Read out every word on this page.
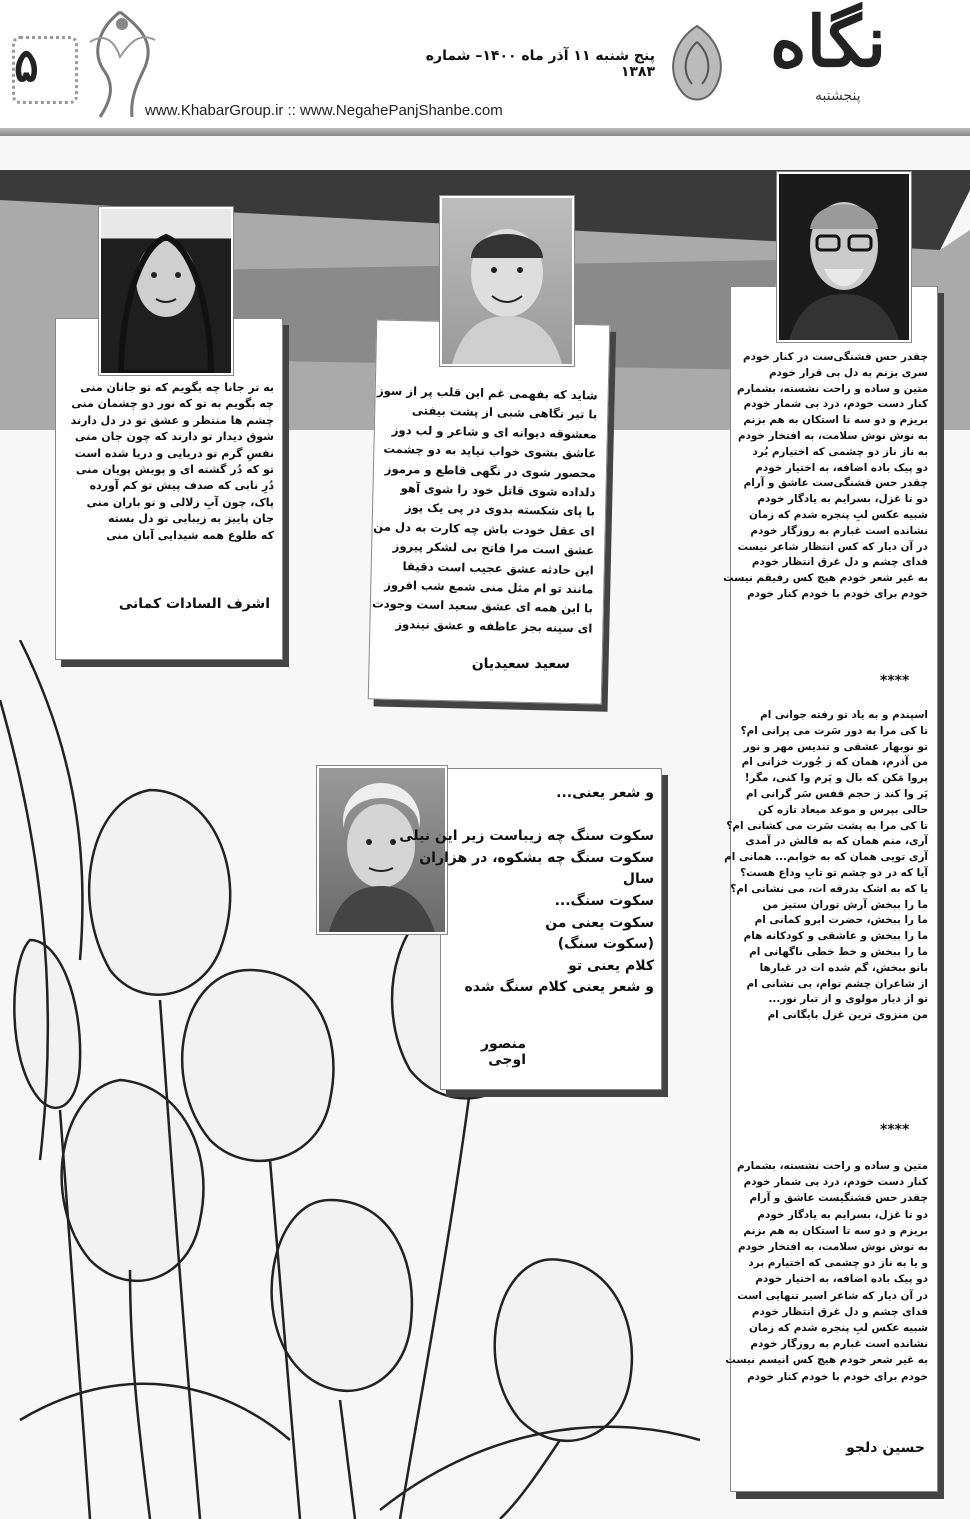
۵	پنج شنبه ۱۱ آذر ماه ۱۴۰۰– شماره ۱۳۸۳
www.KhabarGroup.ir :: www.NegahePanjShanbe.com
نگاه
پنجشنبه
به تر جانا چه بگویم که تو جانان منی
چه بگویم به تو که نور دو چشمان منی
چشم ها منتظر و عشق تو در دل دارند
شوق دیدار تو دارند که چون جان منی
نفسِ گرم تو دریایی و دریا شده است
تو که دُر گشته ای و پویش پویان منی
دُرِ نابی که صدف پیش تو کم آورده
پاک، چون آبِ زلالی و تو باران منی
جان پاییز به زیبایی تو دل بسته
که طلوع همه شیدایی آبان منی
اشرف السادات کمانی
شاید که بفهمی غم این قلب پر از سوز
با تیر نگاهی شبی از پشت بیفتی
معشوقه دیوانه ای و شاعر و لب دوز
عاشق بشوی خواب نیاید به دو چشمت
محصور شوی در نگهی قاطع و مرموز
دلداده شوی قاتل خود را شوی آهو
با پای شکسته بدوی در پی یک یوز
ای عقل خودت باش چه کارت به دل من
عشق است مرا فاتح بی لشکر پیروز
این حادثه عشق عجیب است دقیقا
مانند تو ام مثل منی شمع شب افروز
با این همه ای عشق سعید است وجودت
ای سینه بجز عاطفه و عشق نیندوز
سعید سعیدیان
و شعر یعنی...

سکوت سنگ چه زیباست زیر این نیلی
سکوت سنگ چه بشکوه، در هزاران
سال
سکوت سنگ...
سکوت یعنی من
(سکوت سنگ)
کلام یعنی تو
و شعر یعنی کلام سنگ شده
منصور اوجی
چقدر حس قشنگی‌ست در کنار خودم
سری بزنم به دل بی قرار خودم
متین و ساده و راحت نشسته، بشمارم
کنار دست خودم، درد بی شمار خودم
بریزم و دو سه تا استکان به هم بزنم
به نوش نوش سلامت، به افتخار خودم
به ناز ناز دو چشمی که اختیارم بُرد
دو پیک باده اضافه، به اختیار خودم
چقدر حس قشنگی‌ست عاشق و آرام
دو تا غزل، بسرایم به یادگار خودم
شبیه عکس لبِ پنجره شدم که زمان
نشانده است غبارم به روزگار خودم
در آن دیار که کس انتظار شاعر نیست
فدای چشم و دل غرق انتظار خودم
به غیر شعر خودم هیچ کس رفیقم نیست
خودم برای خودم با خودم کنار خودم
****
اسپندم و به یاد تو رفته جوانی ام
تا کی مرا به دور سَرت می پرانی ام؟
تو نوبهار عشقی و تندیس مهر و نور
من آذرم، همان که ز جُورت خزانی ام
پروا مَکن که بال و پَرم وا کنی، مگر!
پَر وا کند ز حجم قفس سَر گرانی ام
حالی بپرس و موعد میعاد تازه کن
تا کی مرا به پشت سَرت می کشانی ام؟
آری، منم همان که به فالش در آمدی
آری تویی همان که به خوابم... همانی ام
آیا که در دو چشم تو تابِ وداع هست؟
یا که به اشک بدرقه ات، می نشانی ام؟
ما را ببخش آرش توران ستیز من
ما را ببخش، حضرت ابرو کمانی ام
ما را ببخش و عاشقی و کودکانه هام
ما را ببخش و خط خطی ناگهانی ام
بانو ببخش، گم شده ات در غبارها
از شاعران چشم توام، بی نشانی ام
تو از دیار مولوی و از تبار نور...
من منزوی ترین غزل بایگانی ام
****
متین و ساده و راحت نشسته، بشمارم
کنار دست خودم، درد بی شمار خودم
چقدر حس قشنگیست عاشق و آرام
دو تا غزل، بسرایم به یادگار خودم
بریزم و دو سه تا استکان به هم بزنم
به نوش نوش سلامت، به افتخار خودم
و یا به ناز دو چشمی که اختیارم برد
دو پیک باده اضافه، به اختیار خودم
در آن دیار که شاعر اسیر تنهایی است
فدای چشم و دل غرق انتظار خودم
شبیه عکس لبِ پنجره شدم که زمان
نشانده است غبارم به روزگار خودم
به غیر شعر خودم هیچ کس انیسم نیست
خودم برای خودم با خودم کنار خودم
حسین دلجو
